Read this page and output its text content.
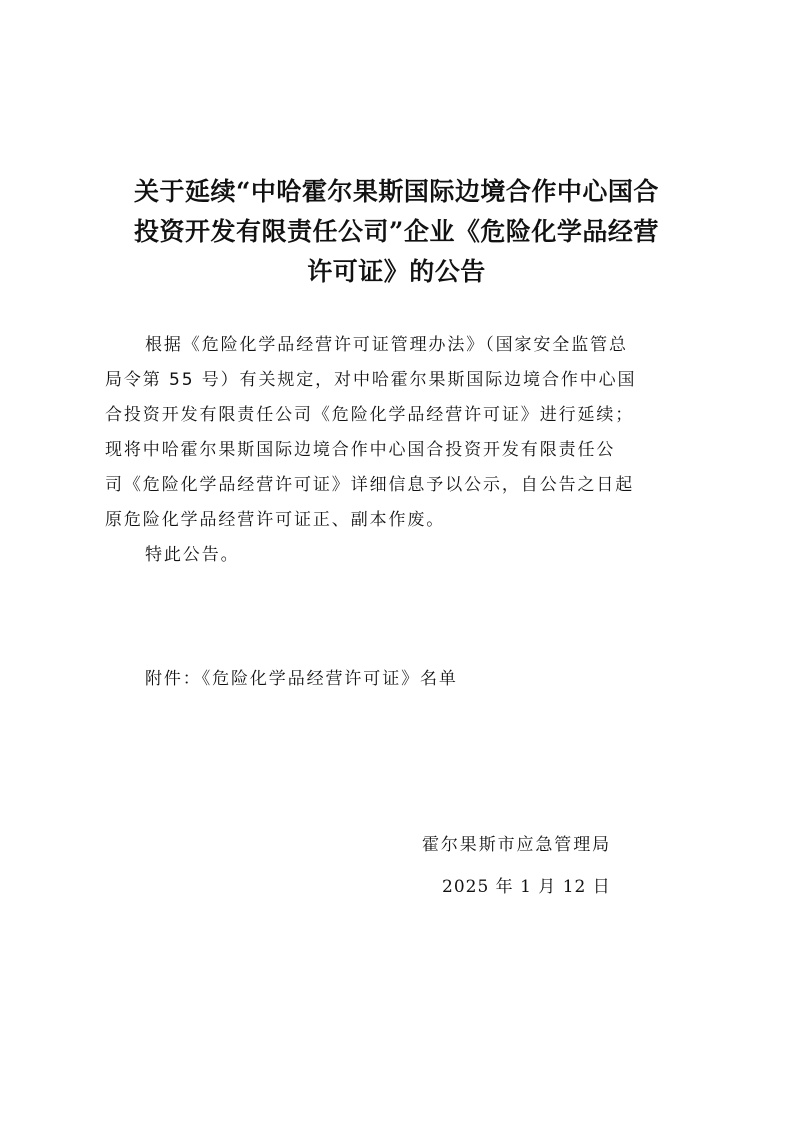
关于延续“中哈霍尔果斯国际边境合作中心国合
投资开发有限责任公司”企业《危险化学品经营
许可证》的公告
根据《危险化学品经营许可证管理办法》（国家安全监管总
局令第 55 号）有关规定，对中哈霍尔果斯国际边境合作中心国
合投资开发有限责任公司《危险化学品经营许可证》进行延续；
现将中哈霍尔果斯国际边境合作中心国合投资开发有限责任公
司《危险化学品经营许可证》详细信息予以公示，自公告之日起
原危险化学品经营许可证正、副本作废。
特此公告。
附件：《危险化学品经营许可证》名单
霍尔果斯市应急管理局
2025 年 1 月 12 日
